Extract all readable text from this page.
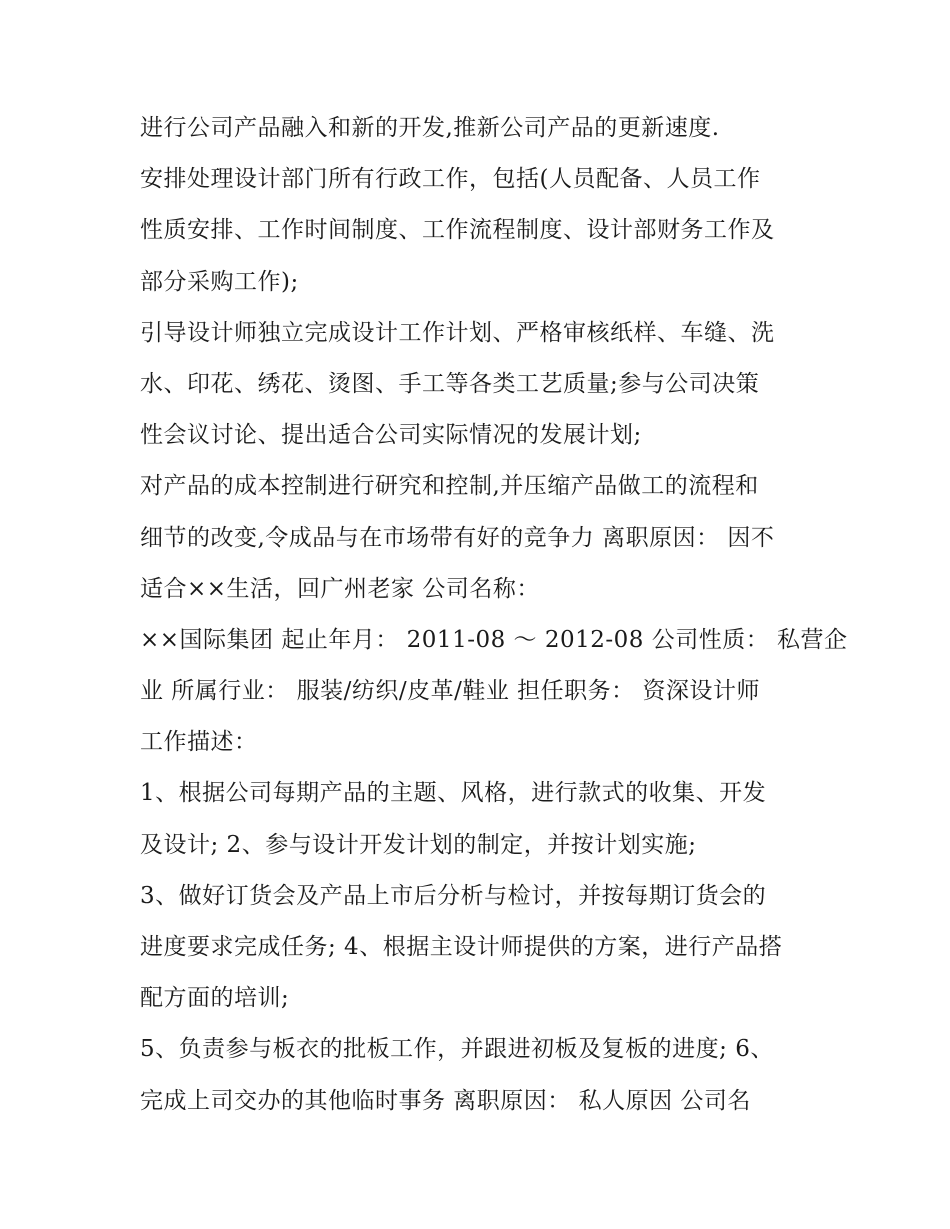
进行公司产品融入和新的开发,推新公司产品的更新速度.
安排处理设计部门所有行政工作，包括(人员配备、人员工作
性质安排、工作时间制度、工作流程制度、设计部财务工作及
部分采购工作);
引导设计师独立完成设计工作计划、严格审核纸样、车缝、洗
水、印花、绣花、烫图、手工等各类工艺质量;参与公司决策
性会议讨论、提出适合公司实际情况的发展计划;
对产品的成本控制进行研究和控制,并压缩产品做工的流程和
细节的改变,令成品与在市场带有好的竞争力 离职原因： 因不
适合××生活，回广州老家 公司名称：
××国际集团 起止年月： 2011-08 ～ 2012-08 公司性质： 私营企
业 所属行业： 服装/纺织/皮革/鞋业 担任职务： 资深设计师
工作描述：
1、根据公司每期产品的主题、风格，进行款式的收集、开发
及设计; 2、参与设计开发计划的制定，并按计划实施;
3、做好订货会及产品上市后分析与检讨，并按每期订货会的
进度要求完成任务; 4、根据主设计师提供的方案，进行产品搭
配方面的培训;
5、负责参与板衣的批板工作，并跟进初板及复板的进度; 6、
完成上司交办的其他临时事务 离职原因： 私人原因 公司名
